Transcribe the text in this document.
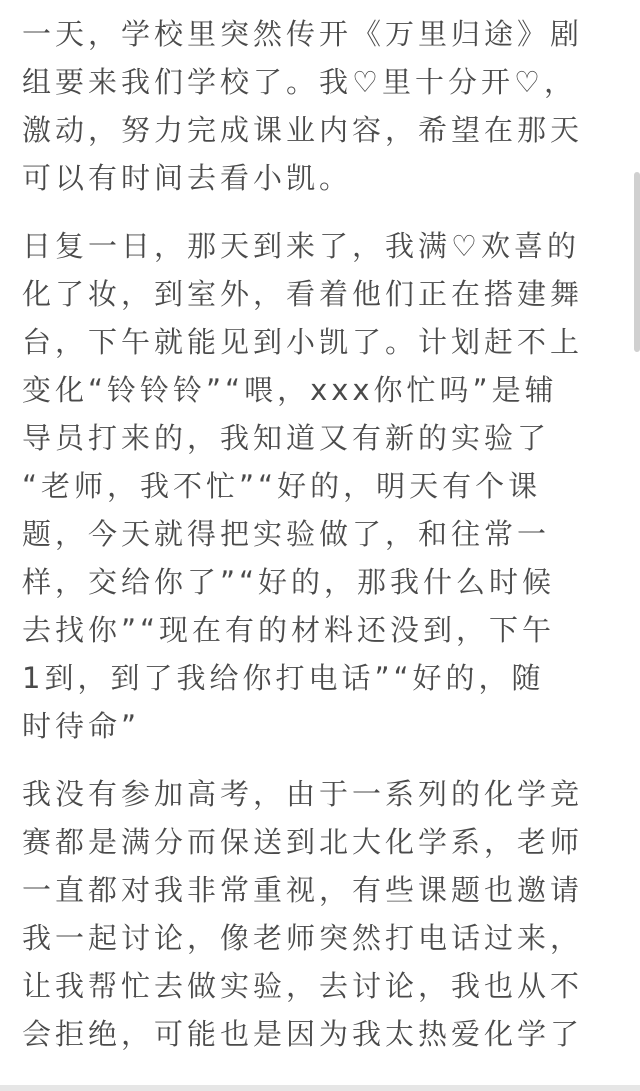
一天，学校里突然传开《万里归途》剧
组要来我们学校了。我♡里十分开♡，
激动，努力完成课业内容，希望在那天
可以有时间去看小凯。
日复一日，那天到来了，我满♡欢喜的
化了妆，到室外，看着他们正在搭建舞
台，下午就能见到小凯了。计划赶不上
变化“铃铃铃”“喂，xxx你忙吗”是辅
导员打来的，我知道又有新的实验了
“老师，我不忙”“好的，明天有个课
题，今天就得把实验做了，和往常一
样，交给你了”“好的，那我什么时候
去找你”“现在有的材料还没到，下午
1到，到了我给你打电话”“好的，随
时待命”
我没有参加高考，由于一系列的化学竞
赛都是满分而保送到北大化学系，老师
一直都对我非常重视，有些课题也邀请
我一起讨论，像老师突然打电话过来，
让我帮忙去做实验，去讨论，我也从不
会拒绝，可能也是因为我太热爱化学了
